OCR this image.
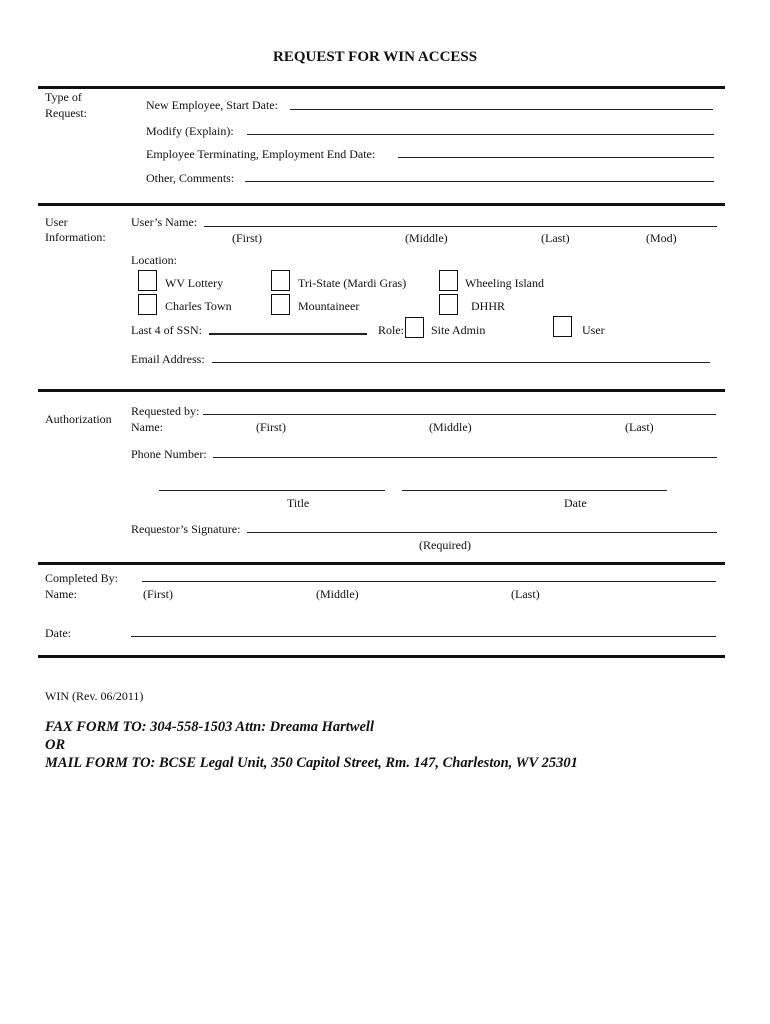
REQUEST FOR WIN ACCESS
Type of
Request:
New Employee, Start Date:
Modify (Explain):
Employee Terminating, Employment End Date:
Other, Comments:
User
Information:
User’s Name:
(First)	(Middle)	(Last)	(Mod)
Location:
WV Lottery	Tri-State (Mardi Gras)	Wheeling Island
Charles Town	Mountaineer	DHHR
Last 4 of SSN:	Role: Site Admin	User
Email Address:
Authorization
Requested by:
Name:	(First)	(Middle)	(Last)
Phone Number:
Title	Date
Requestor’s Signature:
(Required)
Completed By:
Name:	(First)	(Middle)	(Last)
Date:
WIN (Rev. 06/2011)
FAX FORM TO: 304-558-1503 Attn: Dreama Hartwell
OR
MAIL FORM TO: BCSE Legal Unit, 350 Capitol Street, Rm. 147, Charleston, WV 25301
